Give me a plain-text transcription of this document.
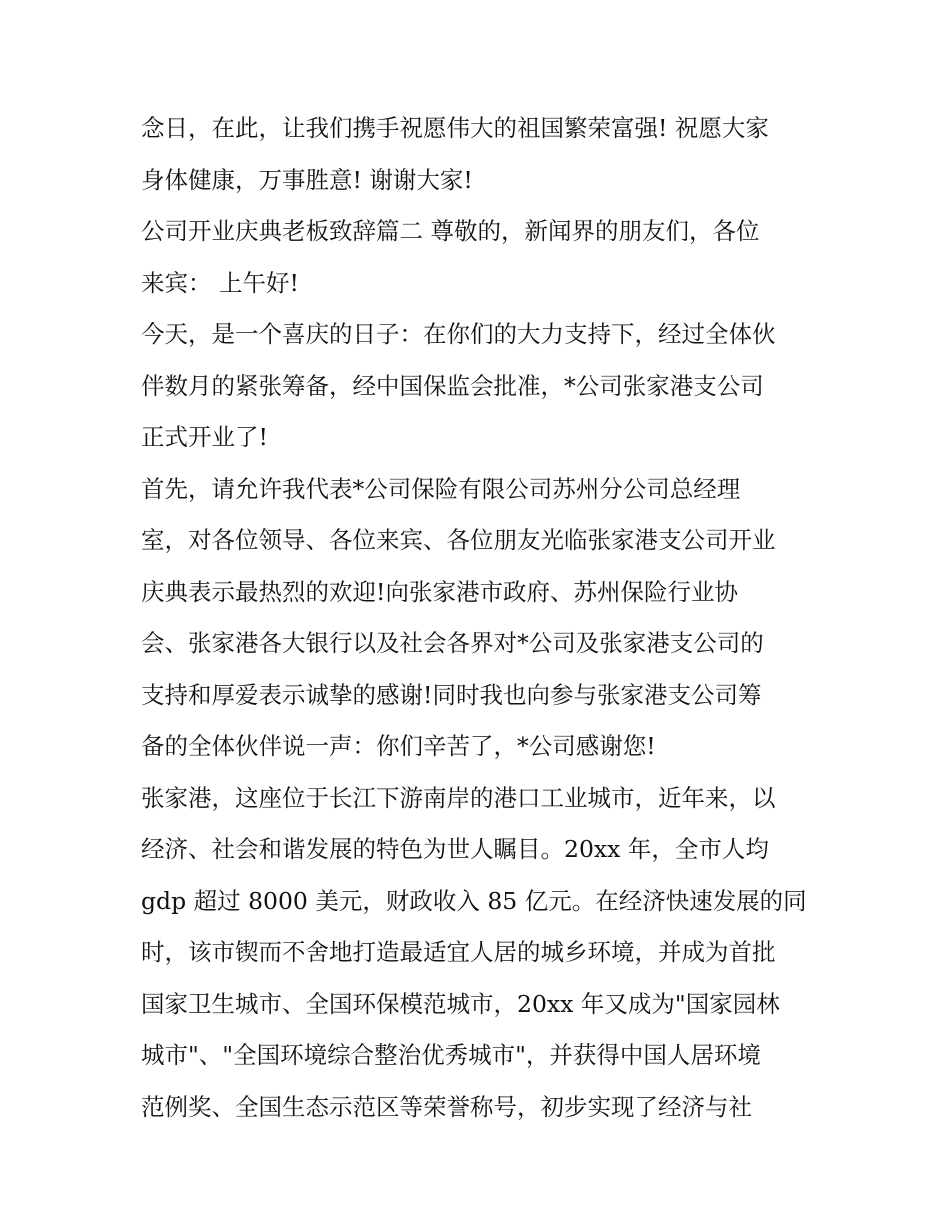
念日，在此，让我们携手祝愿伟大的祖国繁荣富强! 祝愿大家
身体健康，万事胜意! 谢谢大家!
公司开业庆典老板致辞篇二 尊敬的，新闻界的朋友们，各位
来宾： 上午好!
今天，是一个喜庆的日子：在你们的大力支持下，经过全体伙
伴数月的紧张筹备，经中国保监会批准，*公司张家港支公司
正式开业了!
首先，请允许我代表*公司保险有限公司苏州分公司总经理
室，对各位领导、各位来宾、各位朋友光临张家港支公司开业
庆典表示最热烈的欢迎!向张家港市政府、苏州保险行业协
会、张家港各大银行以及社会各界对*公司及张家港支公司的
支持和厚爱表示诚挚的感谢!同时我也向参与张家港支公司筹
备的全体伙伴说一声：你们辛苦了，*公司感谢您!
张家港，这座位于长江下游南岸的港口工业城市，近年来，以
经济、社会和谐发展的特色为世人瞩目。20xx 年，全市人均
gdp 超过 8000 美元，财政收入 85 亿元。在经济快速发展的同
时，该市锲而不舍地打造最适宜人居的城乡环境，并成为首批
国家卫生城市、全国环保模范城市，20xx 年又成为"国家园林
城市"、"全国环境综合整治优秀城市"，并获得中国人居环境
范例奖、全国生态示范区等荣誉称号，初步实现了经济与社
